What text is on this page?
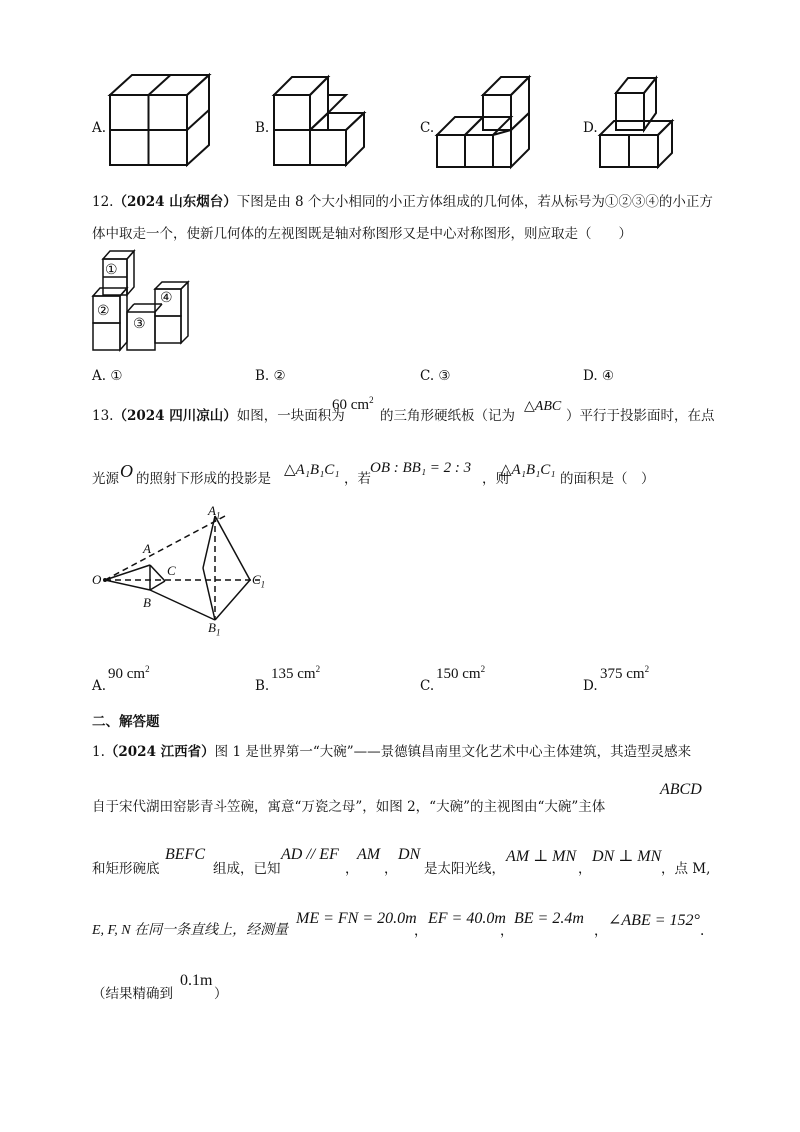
A.	B.	C.	D.
12.（2024 山东烟台）下图是由 8 个大小相同的小正方体组成的几何体，若从标号为①②③④的小正方
体中取走一个，使新几何体的左视图既是轴对称图形又是中心对称图形，则应取走（　　）
①
②
③
④
A. ①	B. ②	C. ③	D. ④
13.（2024 四川凉山）如图，一块面积为
60 $cm^2$
的三角形硬纸板（记为
△ABC
）平行于投影面时，在点
光源 O 的照射下形成的投影是
△A₁B₁C₁
，若
OB : BB₁ = 2 : 3
，则
△A₁B₁C₁
的面积是（　）
$A_1$
A
C
$C_1$
O
B
$B_1$
A.
90 $cm^2$
B.
135 $cm^2$
C.
150 $cm^2$
D.
375 $cm^2$
二、解答题
1.（2024 江西省）图 1 是世界第一“大碗”——景德镇昌南里文化艺术中心主体建筑，其造型灵感来
自于宋代湖田窑影青斗笠碗，寓意“万瓷之母”，如图 2，“大碗”的主视图由“大碗”主体
ABCD
和矩形碗底
BEFC
组成，已知
AD // EF
，
AM
，
DN
是太阳光线，
AM ⊥ MN
，
DN ⊥ MN
，点 M,
E, F, N 在同一条直线上，经测量
ME = FN = 20.0m
，
EF = 40.0m
，
BE = 2.4m
，
∠ABE = 152°
.
（结果精确到
0.1m
）
